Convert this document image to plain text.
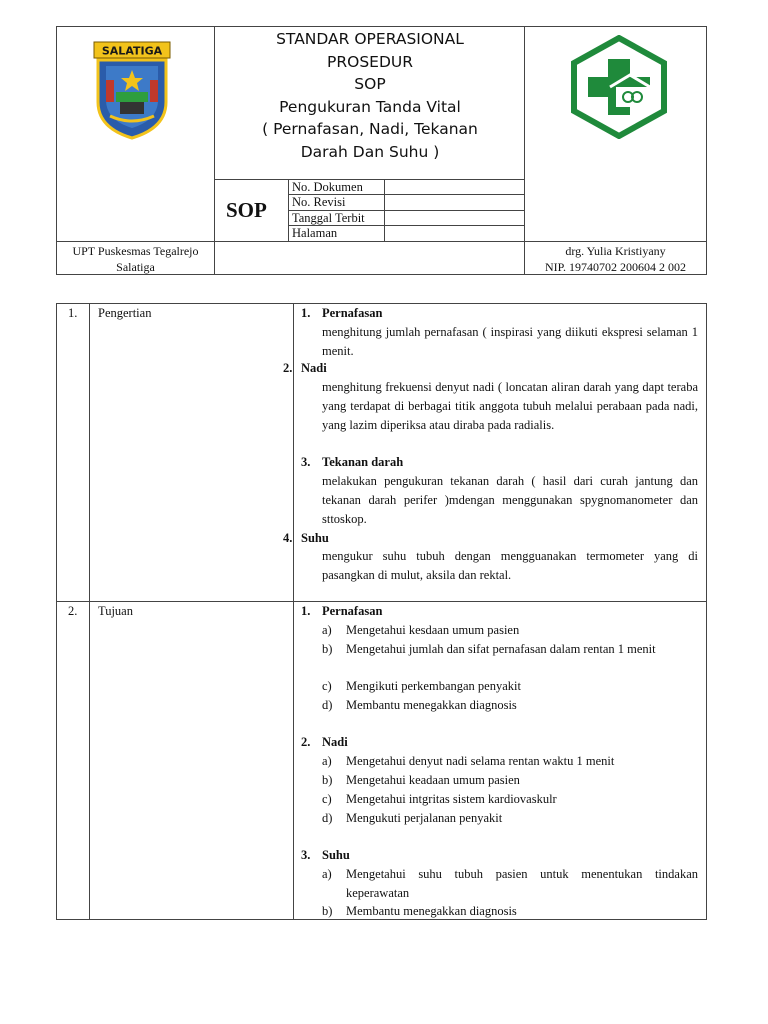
SALATIGA
STANDAR OPERASIONAL
PROSEDUR
SOP
Pengukuran Tanda Vital
( Pernafasan, Nadi, Tekanan
Darah Dan Suhu )
SOP
No. Dokumen
No. Revisi
Tanggal Terbit
Halaman
UPT Puskesmas Tegalrejo
Salatiga
drg. Yulia Kristiyany
NIP. 19740702 200604 2 002
1. Pengertian	1. Pernafasan
menghitung jumlah pernafasan ( inspirasi yang diikuti ekspresi selaman 1 menit.
2. Nadi
menghitung frekuensi denyut nadi ( loncatan aliran darah yang dapt teraba yang terdapat di berbagai titik anggota tubuh melalui perabaan pada nadi, yang lazim diperiksa atau diraba pada radialis.
3. Tekanan darah
melakukan pengukuran tekanan darah ( hasil dari curah jantung dan tekanan darah perifer )mdengan menggunakan spygnomanometer dan sttoskop.
4. Suhu
mengukur suhu tubuh dengan mengguanakan termometer yang di pasangkan di mulut, aksila dan rektal.
2. Tujuan	1. Pernafasan
a) Mengetahui kesdaan umum pasien
b) Mengetahui jumlah dan sifat pernafasan dalam rentan 1 menit
c) Mengikuti perkembangan penyakit
d) Membantu menegakkan diagnosis
2. Nadi
a) Mengetahui denyut nadi selama rentan waktu 1 menit
b) Mengetahui keadaan umum pasien
c) Mengetahui intgritas sistem kardiovaskulr
d) Mengukuti perjalanan penyakit
3. Suhu
a) Mengetahui suhu tubuh pasien untuk menentukan tindakan keperawatan
b) Membantu menegakkan diagnosis
